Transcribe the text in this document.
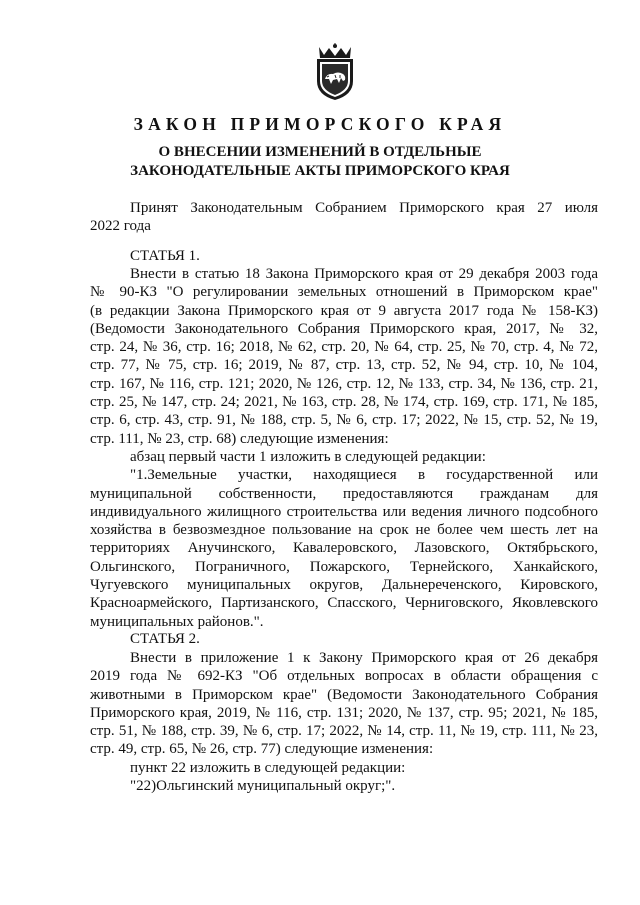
ЗАКОН ПРИМОРСКОГО КРАЯ
О ВНЕСЕНИИ ИЗМЕНЕНИЙ В ОТДЕЛЬНЫЕ
ЗАКОНОДАТЕЛЬНЫЕ АКТЫ ПРИМОРСКОГО КРАЯ

Принят Законодательным Собранием Приморского края 27 июля

2022 года

СТАТЬЯ 1.

Внести в статью 18 Закона Приморского края от 29 декабря 2003 года

№ 90-КЗ "О регулировании земельных отношений в Приморском крае"

(в редакции Закона Приморского края от 9 августа 2017 года № 158-КЗ)

(Ведомости Законодательного Собрания Приморского края, 2017, № 32,

стр. 24, № 36, стр. 16; 2018, № 62, стр. 20, № 64, стр. 25, № 70, стр. 4, № 72,

стр. 77, № 75, стр. 16; 2019, № 87, стр. 13, стр. 52, № 94, стр. 10, № 104,

стр. 167, № 116, стр. 121; 2020, № 126, стр. 12, № 133, стр. 34, № 136, стр. 21,

стр. 25, № 147, стр. 24; 2021, № 163, стр. 28, № 174, стр. 169, стр. 171, № 185,

стр. 6, стр. 43, стр. 91, № 188, стр. 5, № 6, стр. 17; 2022, № 15, стр. 52, № 19,

стр. 111, № 23, стр. 68) следующие изменения:

абзац первый части 1 изложить в следующей редакции:

"1.Земельные участки, находящиеся в государственной или

муниципальной собственности, предоставляются гражданам для

индивидуального жилищного строительства или ведения личного подсобного

хозяйства в безвозмездное пользование на срок не более чем шесть лет на

территориях Анучинского, Кавалеровского, Лазовского, Октябрьского,

Ольгинского, Пограничного, Пожарского, Тернейского, Ханкайского,

Чугуевского муниципальных округов, Дальнереченского, Кировского,

Красноармейского, Партизанского, Спасского, Черниговского, Яковлевского

муниципальных районов.".

СТАТЬЯ 2.

Внести в приложение 1 к Закону Приморского края от 26 декабря

2019 года № 692-КЗ "Об отдельных вопросах в области обращения с

животными в Приморском крае" (Ведомости Законодательного Собрания

Приморского края, 2019, № 116, стр. 131; 2020, № 137, стр. 95; 2021, № 185,

стр. 51, № 188, стр. 39, № 6, стр. 17; 2022, № 14, стр. 11, № 19, стр. 111, № 23,

стр. 49, стр. 65, № 26, стр. 77) следующие изменения:

пункт 22 изложить в следующей редакции:

"22)Ольгинский муниципальный округ;".
